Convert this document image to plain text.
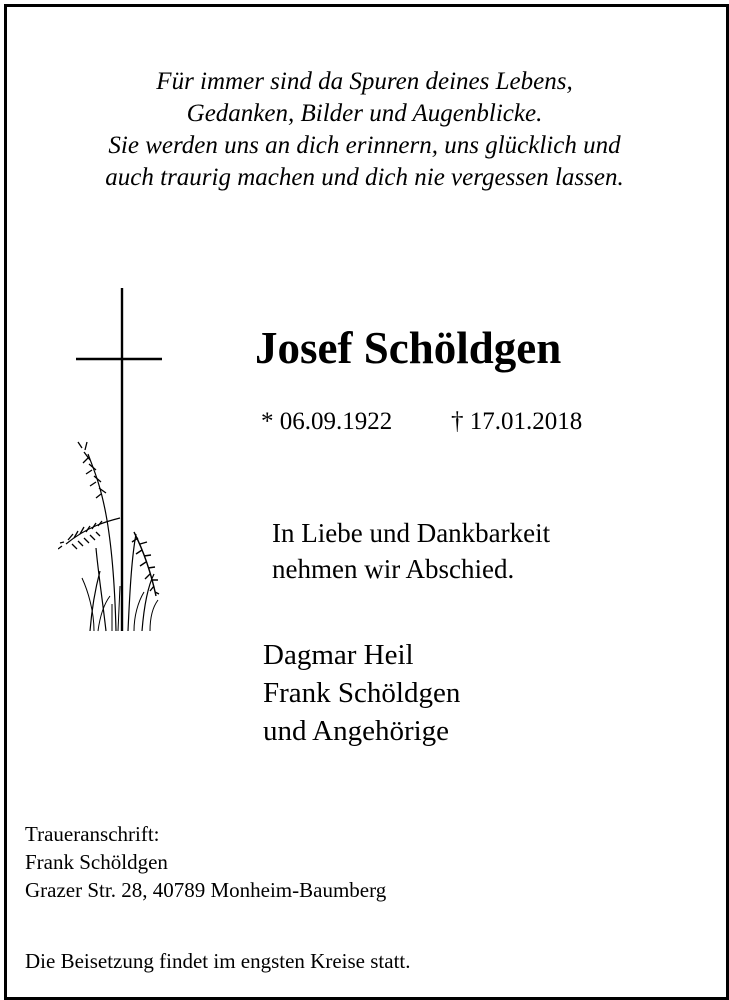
Für immer sind da Spuren deines Lebens,
Gedanken, Bilder und Augenblicke.
Sie werden uns an dich erinnern, uns glücklich und
auch traurig machen und dich nie vergessen lassen.
Josef Schöldgen
* 06.09.1922 † 17.01.2018
In Liebe und Dankbarkeit
nehmen wir Abschied.
Dagmar Heil
Frank Schöldgen
und Angehörige
Traueranschrift:
Frank Schöldgen
Grazer Str. 28, 40789 Monheim-Baumberg
Die Beisetzung findet im engsten Kreise statt.
